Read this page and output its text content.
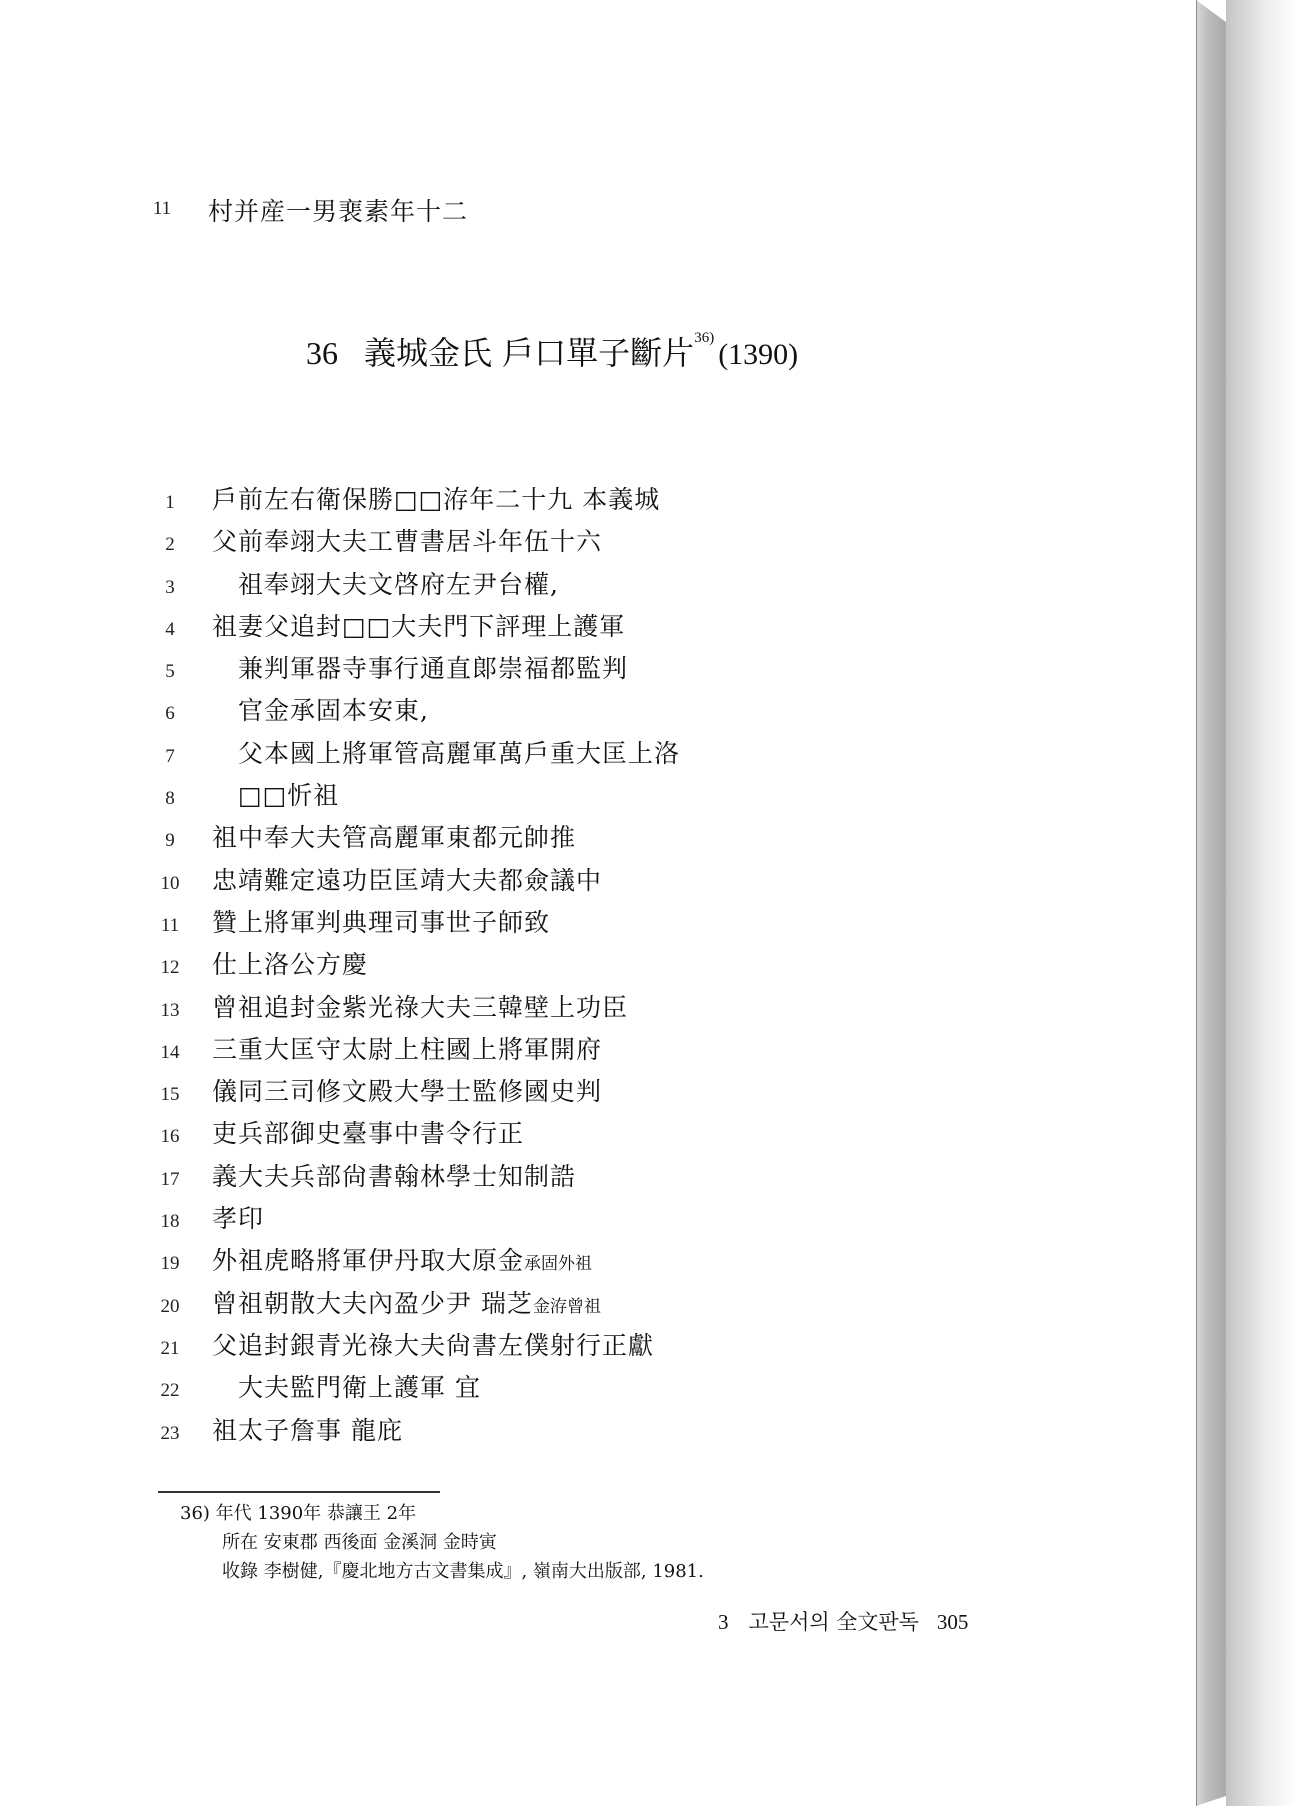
11	村并産一男裵素年十二
36 義城金氏 戶口單子斷片$^{36)}$ (1390)
1	戶前左右衛保勝□□洊年二十九 本義城
2	父前奉翊大夫工曹書居斗年伍十六
3	祖奉翊大夫文啓府左尹台權,
4	祖妻父追封□□大夫門下評理上護軍
5	兼判軍器寺事行通直郞崇福都監判
6	官金承固本安東,
7	父本國上將軍管高麗軍萬戶重大匡上洛
8	□□忻祖
9	祖中奉大夫管高麗軍東都元帥推
10	忠靖難定遠功臣匡靖大夫都僉議中
11	贊上將軍判典理司事世子師致
12	仕上洛公方慶
13	曾祖追封金紫光祿大夫三韓壁上功臣
14	三重大匡守太尉上柱國上將軍開府
15	儀同三司修文殿大學士監修國史判
16	吏兵部御史臺事中書令行正
17	義大夫兵部尙書翰林學士知制誥
18	孝印
19	外祖虎略將軍伊丹取大原金承固外祖
20	曾祖朝散大夫內盈少尹 瑞芝金洊曾祖
21	父追封銀青光祿大夫尙書左僕射行正獻
22	大夫監門衛上護軍 宜
23	祖太子詹事 龍庇
36) 年代 1390年 恭讓王 2年
所在 安東郡 西後面 金溪洞 金時寅
收錄 李樹健,『慶北地方古文書集成』, 嶺南大出版部, 1981.
3 고문서의 全文판독 305
